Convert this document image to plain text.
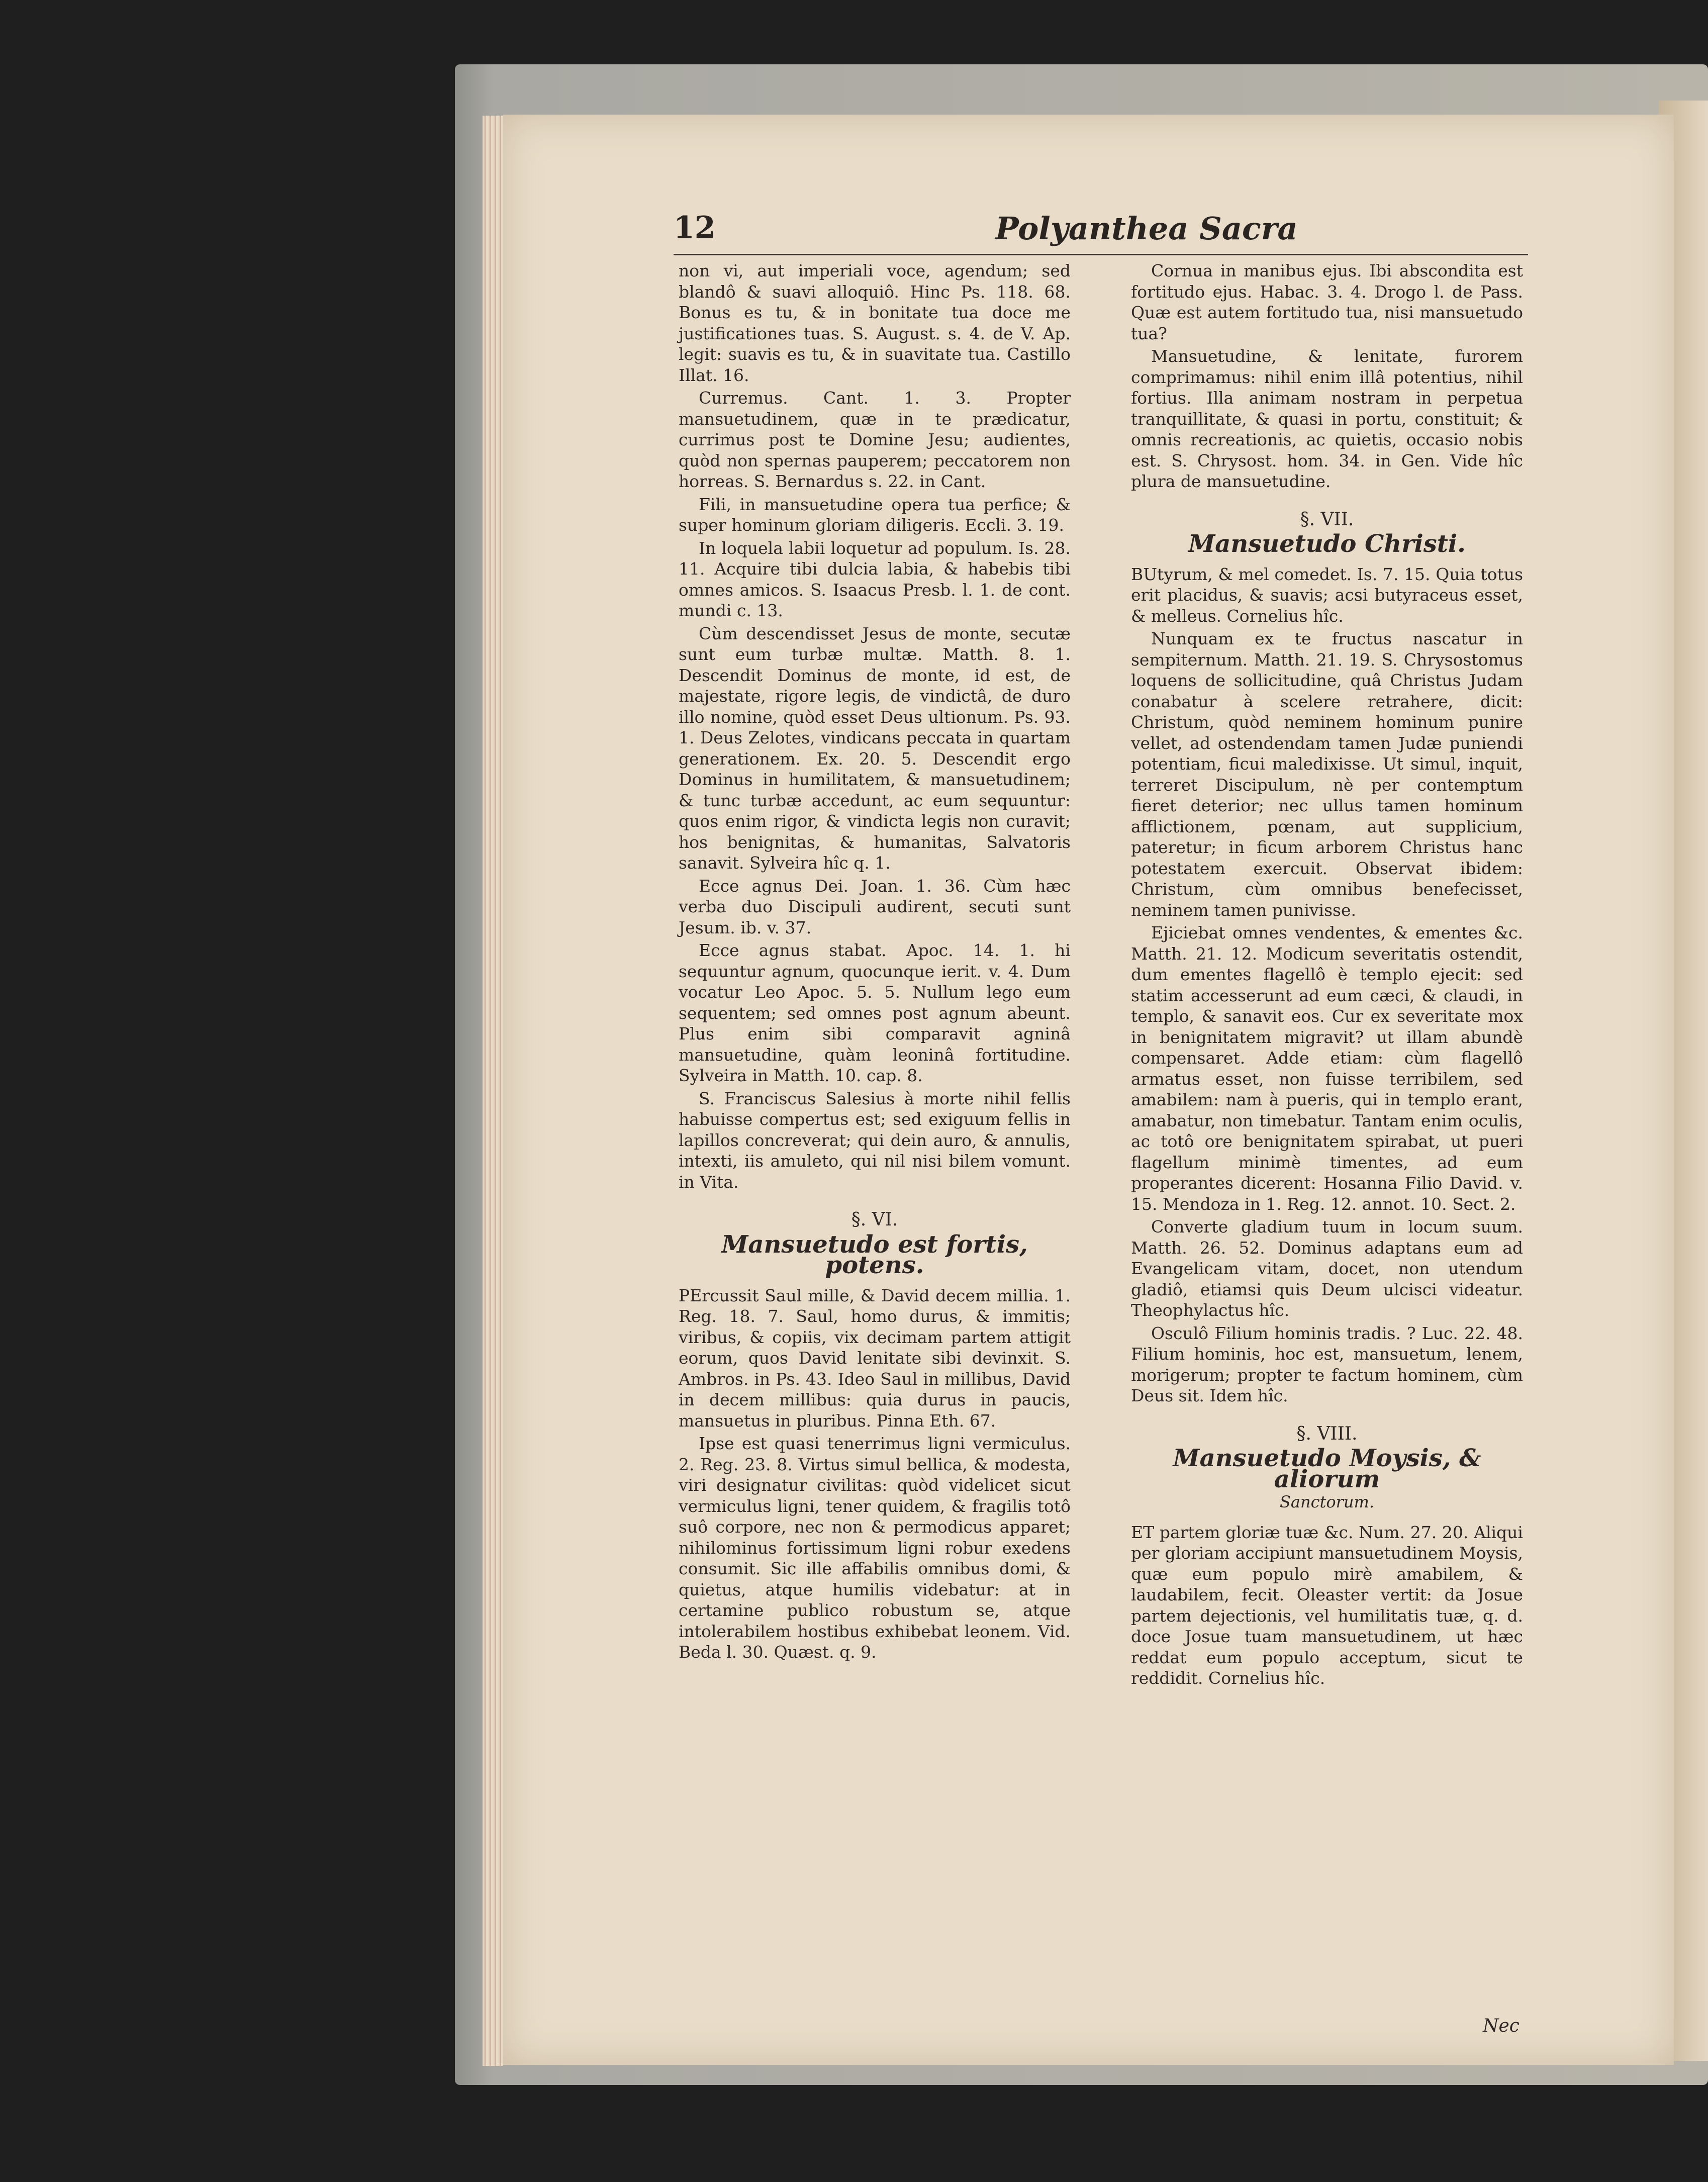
12	Polyanthea Sacra

non vi, aut imperiali voce, agendum; sed blandô & suavi alloquiô. Hinc Ps. 118. 68. Bonus es tu, & in bonitate tua doce me justificationes tuas. S. August. s. 4. de V. Ap. legit: suavis es tu, & in suavitate tua. Castillo Illat. 16.

Curremus. Cant. 1. 3. Propter mansuetudinem, quæ in te prædicatur, currimus post te Domine Jesu; audientes, quòd non spernas pauperem; peccatorem non horreas. S. Bernardus s. 22. in Cant.

Fili, in mansuetudine opera tua perfice; & super hominum gloriam diligeris. Eccli. 3. 19.

In loquela labii loquetur ad populum. Is. 28. 11. Acquire tibi dulcia labia, & habebis tibi omnes amicos. S. Isaacus Presb. l. 1. de cont. mundi c. 13.

Cùm descendisset Jesus de monte, secutæ sunt eum turbæ multæ. Matth. 8. 1. Descendit Dominus de monte, id est, de majestate, rigore legis, de vindictâ, de duro illo nomine, quòd esset Deus ultionum. Ps. 93. 1. Deus Zelotes, vindicans peccata in quartam generationem. Ex. 20. 5. Descendit ergo Dominus in humilitatem, & mansuetudinem; & tunc turbæ accedunt, ac eum sequuntur: quos enim rigor, & vindicta legis non curavit; hos benignitas, & humanitas, Salvatoris sanavit. Sylveira hîc q. 1.

Ecce agnus Dei. Joan. 1. 36. Cùm hæc verba duo Discipuli audirent, secuti sunt Jesum. ib. v. 37.

Ecce agnus stabat. Apoc. 14. 1. hi sequuntur agnum, quocunque ierit. v. 4. Dum vocatur Leo Apoc. 5. 5. Nullum lego eum sequentem; sed omnes post agnum abeunt. Plus enim sibi comparavit agninâ mansuetudine, quàm leoninâ fortitudine. Sylveira in Matth. 10. cap. 8.

S. Franciscus Salesius à morte nihil fellis habuisse compertus est; sed exiguum fellis in lapillos concreverat; qui dein auro, & annulis, intexti, iis amuleto, qui nil nisi bilem vomunt. in Vita.

§. VI.
Mansuetudo est fortis, potens.

PErcussit Saul mille, & David decem millia. 1. Reg. 18. 7. Saul, homo durus, & immitis; viribus, & copiis, vix decimam partem attigit eorum, quos David lenitate sibi devinxit. S. Ambros. in Ps. 43. Ideo Saul in millibus, David in decem millibus: quia durus in paucis, mansuetus in pluribus. Pinna Eth. 67.

Ipse est quasi tenerrimus ligni vermiculus. 2. Reg. 23. 8. Virtus simul bellica, & modesta, viri designatur civilitas: quòd videlicet sicut vermiculus ligni, tener quidem, & fragilis totô suô corpore, nec non & permodicus apparet; nihilominus fortissimum ligni robur exedens consumit. Sic ille affabilis omnibus domi, & quietus, atque humilis videbatur: at in certamine publico robustum se, atque intolerabilem hostibus exhibebat leonem. Vid. Beda l. 30. Quæst. q. 9.

Cornua in manibus ejus. Ibi abscondita est fortitudo ejus. Habac. 3. 4. Drogo l. de Pass. Quæ est autem fortitudo tua, nisi mansuetudo tua?

Mansuetudine, & lenitate, furorem comprimamus: nihil enim illâ potentius, nihil fortius. Illa animam nostram in perpetua tranquillitate, & quasi in portu, constituit; & omnis recreationis, ac quietis, occasio nobis est. S. Chrysost. hom. 34. in Gen. Vide hîc plura de mansuetudine.

§. VII.
Mansuetudo Christi.

BUtyrum, & mel comedet. Is. 7. 15. Quia totus erit placidus, & suavis; acsi butyraceus esset, & melleus. Cornelius hîc.

Nunquam ex te fructus nascatur in sempiternum. Matth. 21. 19. S. Chrysostomus loquens de sollicitudine, quâ Christus Judam conabatur à scelere retrahere, dicit: Christum, quòd neminem hominum punire vellet, ad ostendendam tamen Judæ puniendi potentiam, ficui maledixisse. Ut simul, inquit, terreret Discipulum, nè per contemptum fieret deterior; nec ullus tamen hominum afflictionem, pœnam, aut supplicium, pateretur; in ficum arborem Christus hanc potestatem exercuit. Observat ibidem: Christum, cùm omnibus benefecisset, neminem tamen punivisse.

Ejiciebat omnes vendentes, & ementes &c. Matth. 21. 12. Modicum severitatis ostendit, dum ementes flagellô è templo ejecit: sed statim accesserunt ad eum cæci, & claudi, in templo, & sanavit eos. Cur ex severitate mox in benignitatem migravit? ut illam abundè compensaret. Adde etiam: cùm flagellô armatus esset, non fuisse terribilem, sed amabilem: nam à pueris, qui in templo erant, amabatur, non timebatur. Tantam enim oculis, ac totô ore benignitatem spirabat, ut pueri flagellum minimè timentes, ad eum properantes dicerent: Hosanna Filio David. v. 15. Mendoza in 1. Reg. 12. annot. 10. Sect. 2.

Converte gladium tuum in locum suum. Matth. 26. 52. Dominus adaptans eum ad Evangelicam vitam, docet, non utendum gladiô, etiamsi quis Deum ulcisci videatur. Theophylactus hîc.

Osculô Filium hominis tradis. ? Luc. 22. 48. Filium hominis, hoc est, mansuetum, lenem, morigerum; propter te factum hominem, cùm Deus sit. Idem hîc.

§. VIII.
Mansuetudo Moysis, & aliorum
Sanctorum.

ET partem gloriæ tuæ &c. Num. 27. 20. Aliqui per gloriam accipiunt mansuetudinem Moysis, quæ eum populo mirè amabilem, & laudabilem, fecit. Oleaster vertit: da Josue partem dejectionis, vel humilitatis tuæ, q. d. doce Josue tuam mansuetudinem, ut hæc reddat eum populo acceptum, sicut te reddidit. Cornelius hîc.

Nec
